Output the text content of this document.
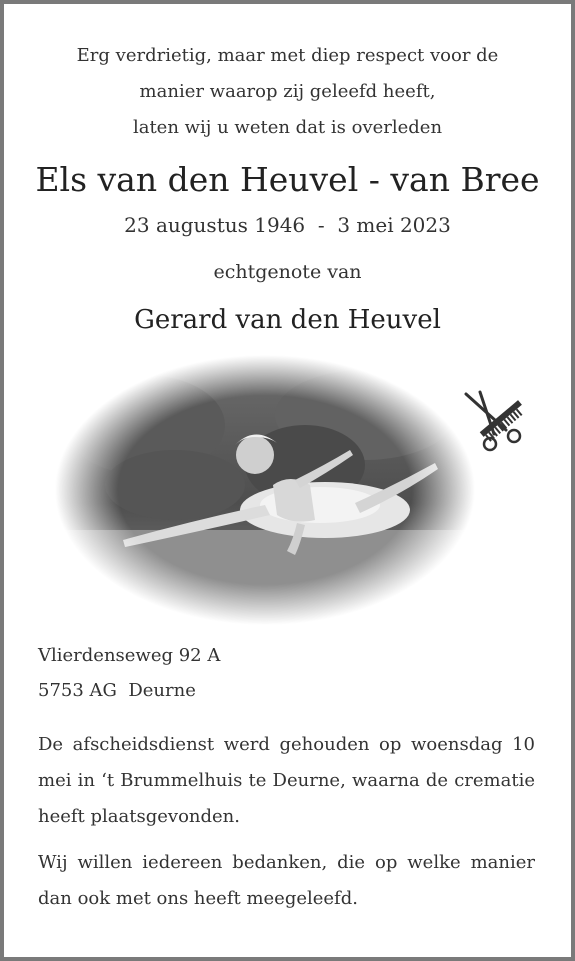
Erg verdrietig, maar met diep respect voor de
manier waarop zij geleefd heeft,
laten wij u weten dat is overleden
Els van den Heuvel - van Bree
23 augustus 1946  -  3 mei 2023
echtgenote van
Gerard van den Heuvel
Vlierdenseweg 92 A
5753 AG  Deurne
De afscheidsdienst werd gehouden op woensdag 10 mei in ‘t Brummelhuis te Deurne, waarna de crematie heeft plaatsgevonden.
Wij willen iedereen bedanken, die op welke manier dan ook met ons heeft meegeleefd.
